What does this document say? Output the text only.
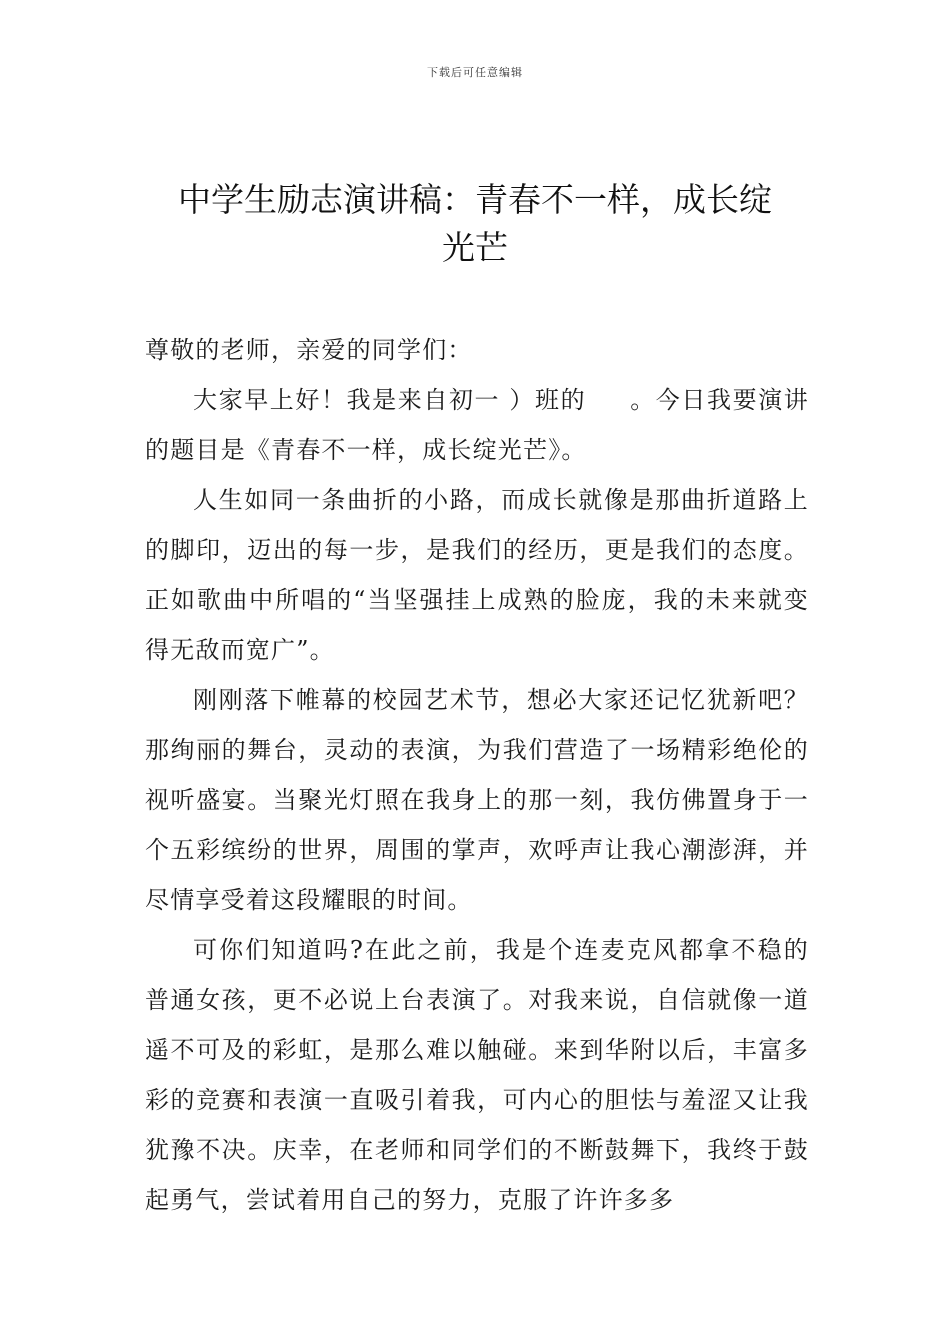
下载后可任意编辑
中学生励志演讲稿：青春不一样，成长绽
光芒

尊敬的老师，亲爱的同学们：

大家早上好！我是来自初一 ）班的 　 。今日我要演讲的题目是《青春不一样，成长绽光芒》。

人生如同一条曲折的小路，而成长就像是那曲折道路上的脚印，迈出的每一步，是我们的经历，更是我们的态度。正如歌曲中所唱的“当坚强挂上成熟的脸庞，我的未来就变得无敌而宽广”。

刚刚落下帷幕的校园艺术节，想必大家还记忆犹新吧？那绚丽的舞台，灵动的表演，为我们营造了一场精彩绝伦的视听盛宴。当聚光灯照在我身上的那一刻，我仿佛置身于一个五彩缤纷的世界，周围的掌声，欢呼声让我心潮澎湃，并尽情享受着这段耀眼的时间。

可你们知道吗?在此之前，我是个连麦克风都拿不稳的普通女孩，更不必说上台表演了。对我来说，自信就像一道遥不可及的彩虹，是那么难以触碰。来到华附以后，丰富多彩的竞赛和表演一直吸引着我，可内心的胆怯与羞涩又让我犹豫不决。庆幸，在老师和同学们的不断鼓舞下，我终于鼓起勇气，尝试着用自己的努力，克服了许许多多
